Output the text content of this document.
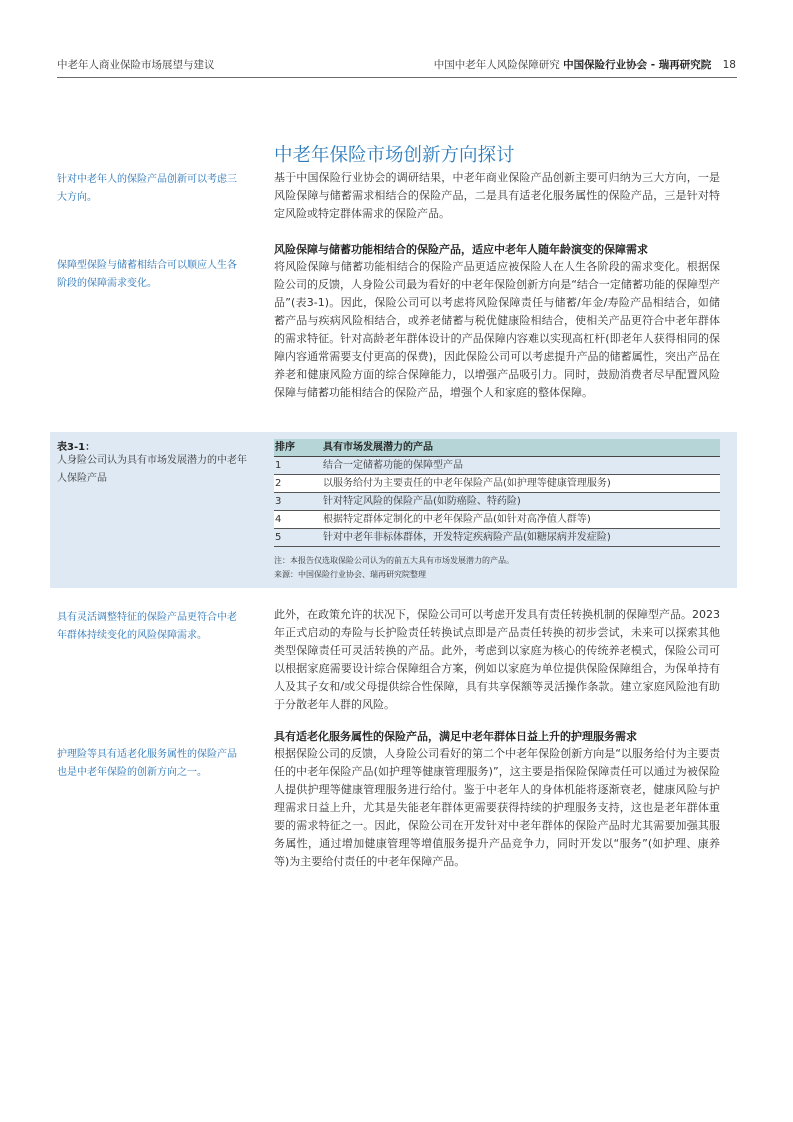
中老年人商业保险市场展望与建议	中国中老年人风险保障研究 中国保险行业协会 - 瑞再研究院 18
中老年保险市场创新方向探讨
针对中老年人的保险产品创新可以考虑三大方向。
基于中国保险行业协会的调研结果，中老年商业保险产品创新主要可归纳为三大方向，一是风险保障与储蓄需求相结合的保险产品，二是具有适老化服务属性的保险产品，三是针对特定风险或特定群体需求的保险产品。
风险保障与储蓄功能相结合的保险产品，适应中老年人随年龄演变的保障需求
保障型保险与储蓄相结合可以顺应人生各阶段的保障需求变化。
将风险保障与储蓄功能相结合的保险产品更适应被保险人在人生各阶段的需求变化。根据保险公司的反馈，人身险公司最为看好的中老年保险创新方向是“结合一定储蓄功能的保障型产品”(表3-1)。因此，保险公司可以考虑将风险保障责任与储蓄/年金/寿险产品相结合，如储蓄产品与疾病风险相结合，或养老储蓄与税优健康险相结合，使相关产品更符合中老年群体的需求特征。针对高龄老年群体设计的产品保障内容难以实现高杠杆(即老年人获得相同的保障内容通常需要支付更高的保费)，因此保险公司可以考虑提升产品的储蓄属性，突出产品在养老和健康风险方面的综合保障能力，以增强产品吸引力。同时，鼓励消费者尽早配置风险保障与储蓄功能相结合的保险产品，增强个人和家庭的整体保障。
表3-1：
人身险公司认为具有市场发展潜力的中老年人保险产品
排序	具有市场发展潜力的产品
1	结合一定储蓄功能的保障型产品
2	以服务给付为主要责任的中老年保险产品(如护理等健康管理服务)
3	针对特定风险的保险产品(如防癌险、特药险)
4	根据特定群体定制化的中老年保险产品(如针对高净值人群等)
5	针对中老年非标体群体，开发特定疾病险产品(如糖尿病并发症险)
注：本报告仅选取保险公司认为的前五大具有市场发展潜力的产品。
来源：中国保险行业协会、瑞再研究院整理
具有灵活调整特征的保险产品更符合中老年群体持续变化的风险保障需求。
此外，在政策允许的状况下，保险公司可以考虑开发具有责任转换机制的保障型产品。2023年正式启动的寿险与长护险责任转换试点即是产品责任转换的初步尝试，未来可以探索其他类型保障责任可灵活转换的产品。此外，考虑到以家庭为核心的传统养老模式，保险公司可以根据家庭需要设计综合保障组合方案，例如以家庭为单位提供保险保障组合，为保单持有人及其子女和/或父母提供综合性保障，具有共享保额等灵活操作条款。建立家庭风险池有助于分散老年人群的风险。
具有适老化服务属性的保险产品，满足中老年群体日益上升的护理服务需求
护理险等具有适老化服务属性的保险产品也是中老年保险的创新方向之一。
根据保险公司的反馈，人身险公司看好的第二个中老年保险创新方向是“以服务给付为主要责任的中老年保险产品(如护理等健康管理服务)”，这主要是指保险保障责任可以通过为被保险人提供护理等健康管理服务进行给付。鉴于中老年人的身体机能将逐渐衰老，健康风险与护理需求日益上升，尤其是失能老年群体更需要获得持续的护理服务支持，这也是老年群体重要的需求特征之一。因此，保险公司在开发针对中老年群体的保险产品时尤其需要加强其服务属性，通过增加健康管理等增值服务提升产品竞争力，同时开发以“服务”(如护理、康养等)为主要给付责任的中老年保障产品。
